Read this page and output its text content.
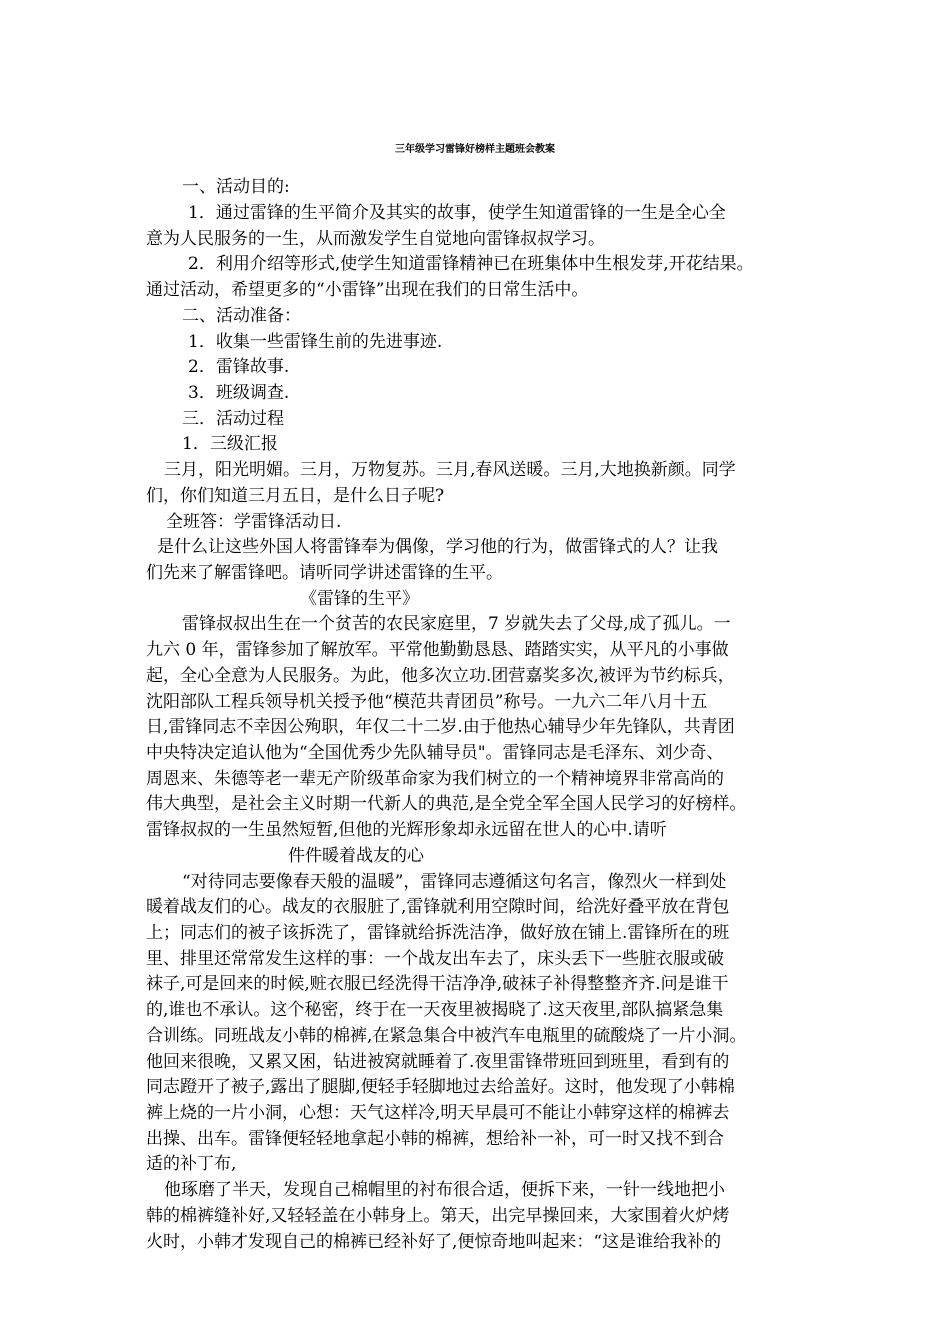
三年级学习雷锋好榜样主题班会教案
一、活动目的:
1．通过雷锋的生平简介及其实的故事，使学生知道雷锋的一生是全心全
意为人民服务的一生，从而激发学生自觉地向雷锋叔叔学习。
2．利用介绍等形式,使学生知道雷锋精神已在班集体中生根发芽,开花结果。
通过活动，希望更多的“小雷锋”出现在我们的日常生活中。
二、活动准备：
1．收集一些雷锋生前的先进事迹.
2．雷锋故事.
3．班级调查.
三．活动过程
1．三级汇报
三月，阳光明媚。三月，万物复苏。三月,春风送暖。三月,大地换新颜。同学
们，你们知道三月五日，是什么日子呢?
全班答：学雷锋活动日.
是什么让这些外国人将雷锋奉为偶像，学习他的行为，做雷锋式的人？让我
们先来了解雷锋吧。请听同学讲述雷锋的生平。
《雷锋的生平》
雷锋叔叔出生在一个贫苦的农民家庭里，7 岁就失去了父母,成了孤儿。一
九六 0 年，雷锋参加了解放军。平常他勤勤恳恳、踏踏实实，从平凡的小事做
起，全心全意为人民服务。为此，他多次立功.团营嘉奖多次,被评为节约标兵，
沈阳部队工程兵领导机关授予他“模范共青团员”称号。一九六二年八月十五
日,雷锋同志不幸因公殉职，年仅二十二岁.由于他热心辅导少年先锋队，共青团
中央特决定追认他为“全国优秀少先队辅导员"。雷锋同志是毛泽东、刘少奇、
周恩来、朱德等老一辈无产阶级革命家为我们树立的一个精神境界非常高尚的
伟大典型，是社会主义时期一代新人的典范,是全党全军全国人民学习的好榜样。
雷锋叔叔的一生虽然短暂,但他的光辉形象却永远留在世人的心中.请听
件件暖着战友的心
“对待同志要像春天般的温暖”，雷锋同志遵循这句名言，像烈火一样到处
暖着战友们的心。战友的衣服脏了,雷锋就利用空隙时间，给洗好叠平放在背包
上；同志们的被子该拆洗了，雷锋就给拆洗洁净，做好放在铺上.雷锋所在的班
里、排里还常常发生这样的事：一个战友出车去了，床头丢下一些脏衣服或破
袜子,可是回来的时候,赃衣服已经洗得干洁净净,破袜子补得整整齐齐.问是谁干
的,谁也不承认。这个秘密，终于在一天夜里被揭晓了.这天夜里,部队搞紧急集
合训练。同班战友小韩的棉裤,在紧急集合中被汽车电瓶里的硫酸烧了一片小洞。
他回来很晚，又累又困，钻进被窝就睡着了.夜里雷锋带班回到班里，看到有的
同志蹬开了被子,露出了腿脚,便轻手轻脚地过去给盖好。这时，他发现了小韩棉
裤上烧的一片小洞，心想：天气这样冷,明天早晨可不能让小韩穿这样的棉裤去
出操、出车。雷锋便轻轻地拿起小韩的棉裤，想给补一补，可一时又找不到合
适的补丁布,
他琢磨了半天，发现自己棉帽里的衬布很合适，便拆下来，一针一线地把小
韩的棉裤缝补好,又轻轻盖在小韩身上。第天，出完早操回来，大家围着火炉烤
火时，小韩才发现自己的棉裤已经补好了,便惊奇地叫起来：“这是谁给我补的
